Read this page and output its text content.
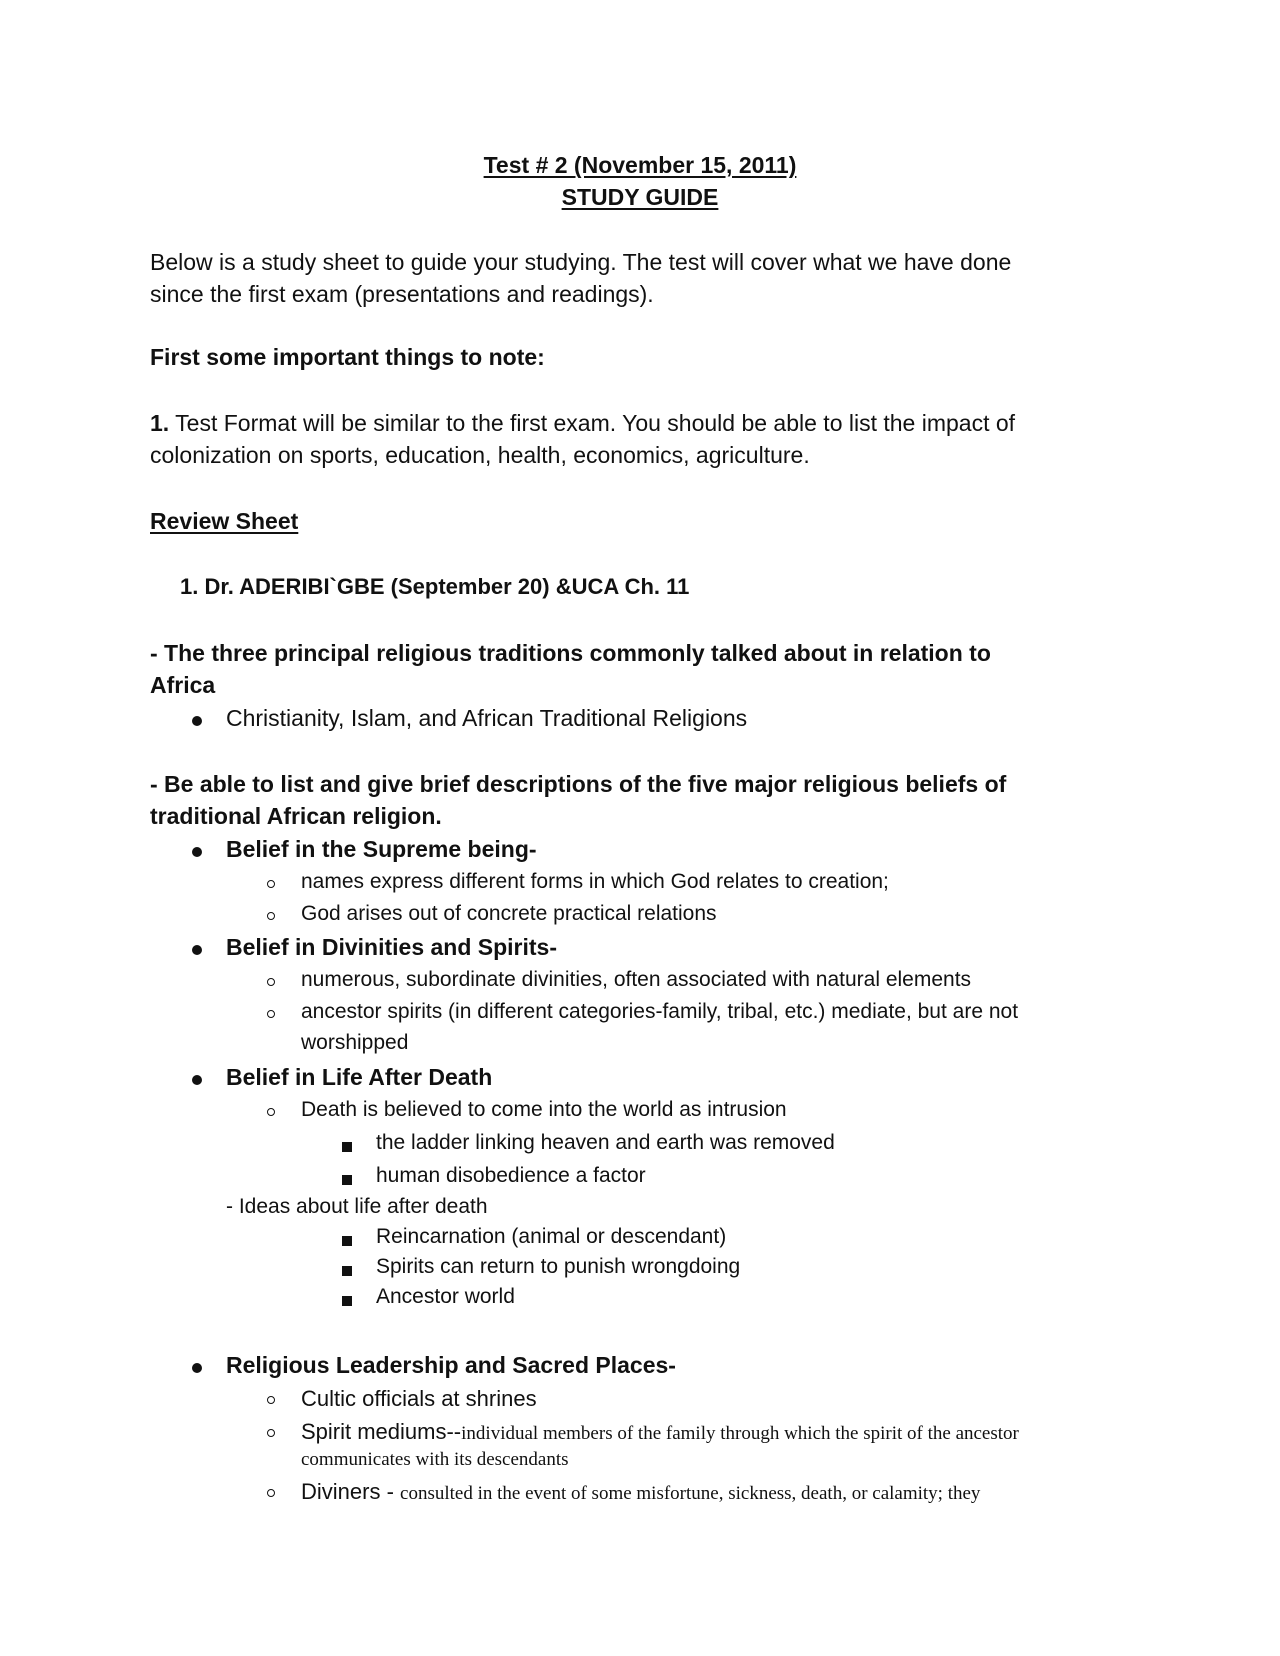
Test # 2 (November 15, 2011)
STUDY GUIDE
Below is a study sheet to guide your studying. The test will cover what we have done
since the first exam (presentations and readings).
First some important things to note:
1. Test Format will be similar to the first exam. You should be able to list the impact of
colonization on sports, education, health, economics, agriculture.
Review Sheet
1. Dr. ADERIBI`GBE (September 20) &UCA Ch. 11
- The three principal religious traditions commonly talked about in relation to
Africa
Christianity, Islam, and African Traditional Religions
- Be able to list and give brief descriptions of the five major religious beliefs of
traditional African religion.
Belief in the Supreme being-
names express different forms in which God relates to creation;
God arises out of concrete practical relations
Belief in Divinities and Spirits-
numerous, subordinate divinities, often associated with natural elements
ancestor spirits (in different categories-family, tribal, etc.) mediate, but are not
worshipped
Belief in Life After Death
Death is believed to come into the world as intrusion
the ladder linking heaven and earth was removed
human disobedience a factor
- Ideas about life after death
Reincarnation (animal or descendant)
Spirits can return to punish wrongdoing
Ancestor world
Religious Leadership and Sacred Places-
Cultic officials at shrines
Spirit mediums--individual members of the family through which the spirit of the ancestor
communicates with its descendants
Diviners - consulted in the event of some misfortune, sickness, death, or calamity; they
